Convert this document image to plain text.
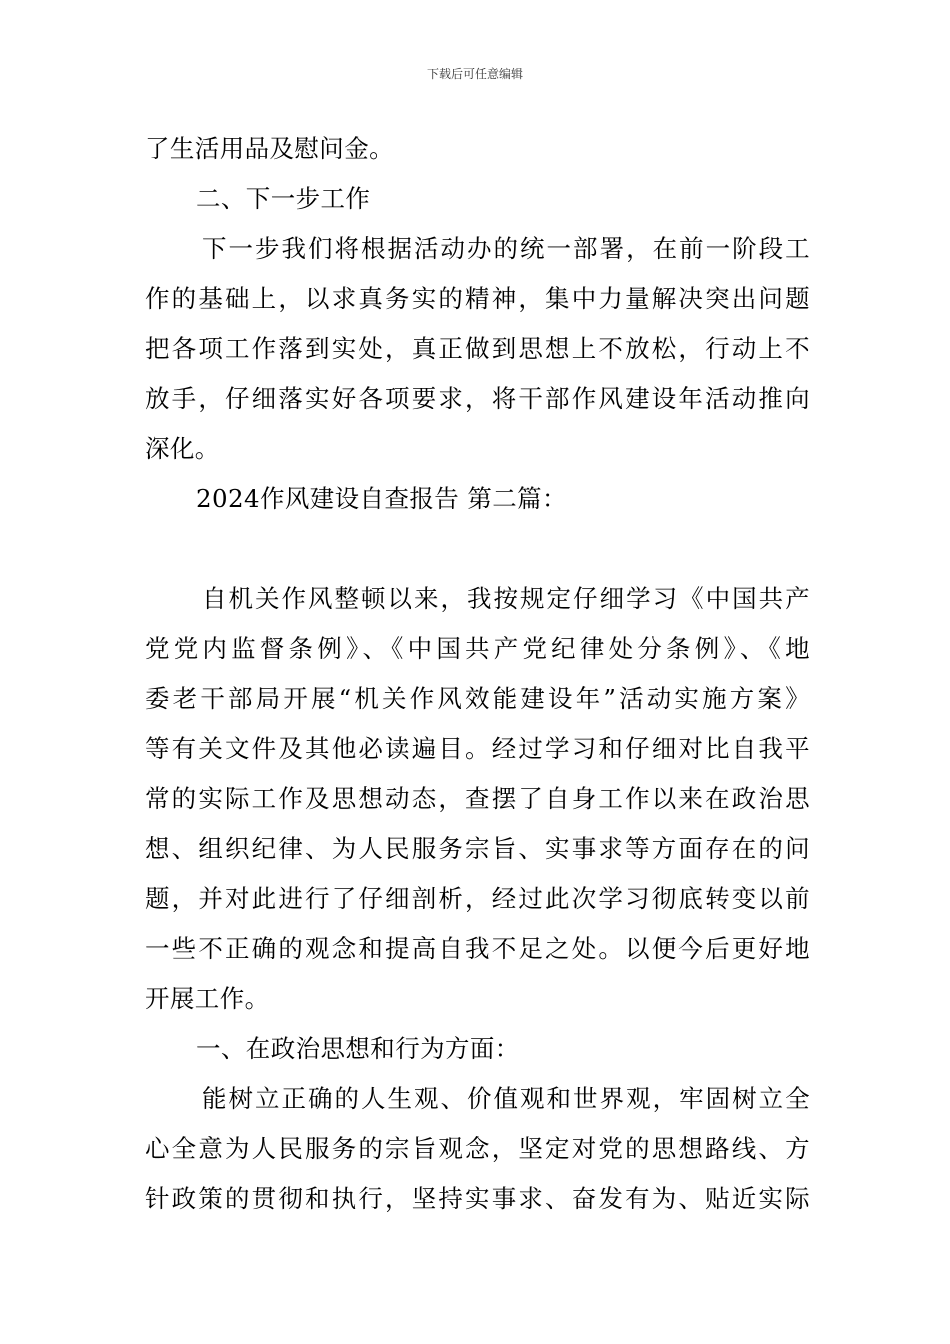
下载后可任意编辑
了生活用品及慰问金。
二、下一步工作
下一步我们将根据活动办的统一部署，在前一阶段工
作的基础上，以求真务实的精神，集中力量解决突出问题
把各项工作落到实处，真正做到思想上不放松，行动上不
放手，仔细落实好各项要求，将干部作风建设年活动推向
深化。
2024作风建设自查报告 第二篇：
自机关作风整顿以来，我按规定仔细学习《中国共产
党党内监督条例》、《中国共产党纪律处分条例》、《地
委老干部局开展“机关作风效能建设年”活动实施方案》
等有关文件及其他必读遍目。经过学习和仔细对比自我平
常的实际工作及思想动态，查摆了自身工作以来在政治思
想、组织纪律、为人民服务宗旨、实事求等方面存在的问
题，并对此进行了仔细剖析，经过此次学习彻底转变以前
一些不正确的观念和提高自我不足之处。以便今后更好地
开展工作。
一、在政治思想和行为方面：
能树立正确的人生观、价值观和世界观，牢固树立全
心全意为人民服务的宗旨观念，坚定对党的思想路线、方
针政策的贯彻和执行，坚持实事求、奋发有为、贴近实际
